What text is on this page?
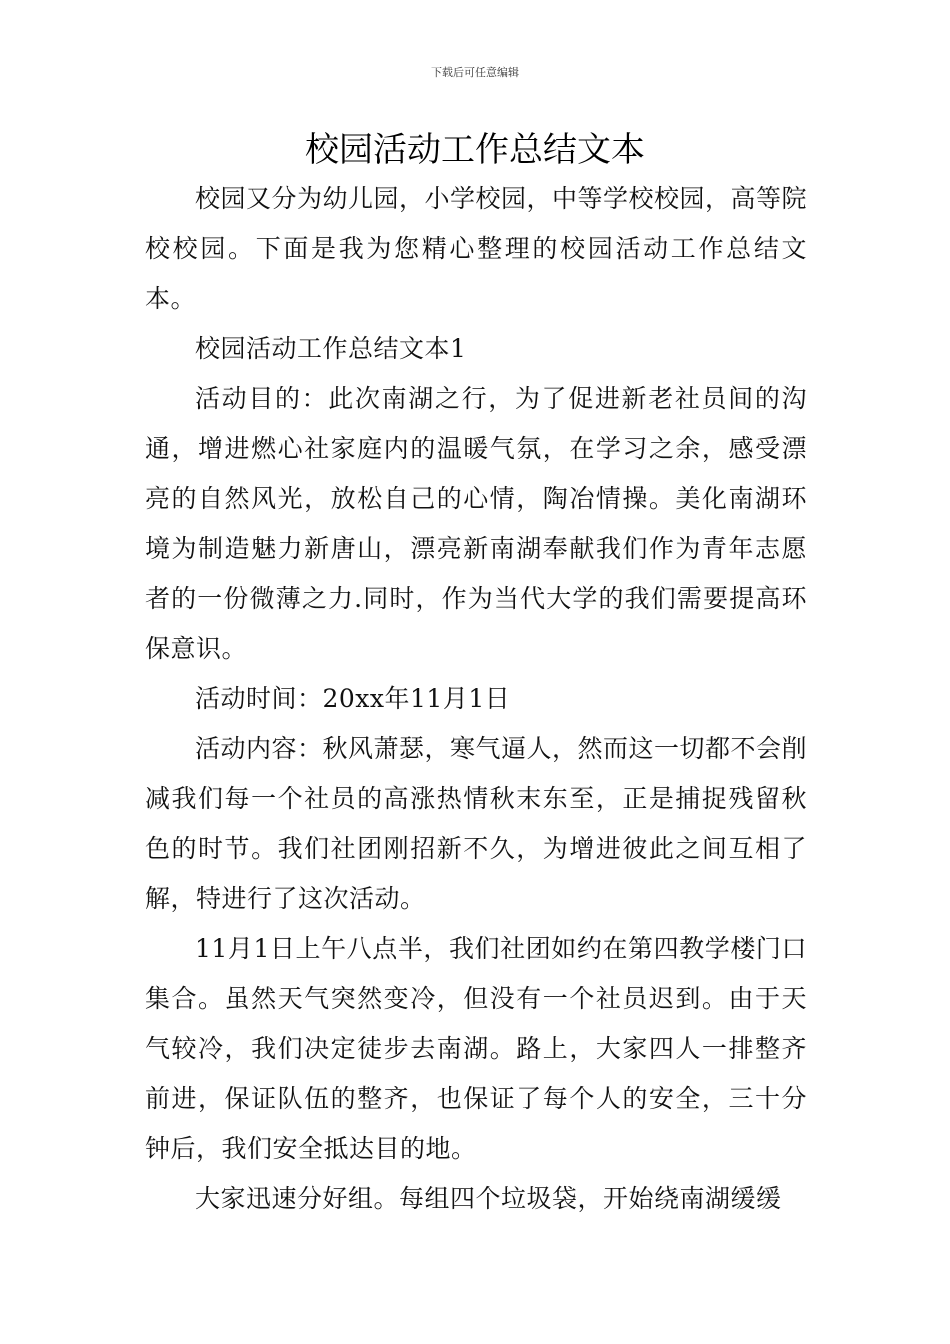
下载后可任意编辑
校园活动工作总结文本

校园又分为幼儿园，小学校园，中等学校校园，高等院校校园。下面是我为您精心整理的校园活动工作总结文本。

校园活动工作总结文本1

活动目的：此次南湖之行，为了促进新老社员间的沟通，增进燃心社家庭内的温暖气氛，在学习之余，感受漂亮的自然风光，放松自己的心情，陶冶情操。美化南湖环境为制造魅力新唐山，漂亮新南湖奉献我们作为青年志愿者的一份微薄之力.同时，作为当代大学的我们需要提高环保意识。

活动时间：20xx年11月1日

活动内容：秋风萧瑟，寒气逼人，然而这一切都不会削减我们每一个社员的高涨热情秋末东至，正是捕捉残留秋色的时节。我们社团刚招新不久，为增进彼此之间互相了解，特进行了这次活动。

11月1日上午八点半，我们社团如约在第四教学楼门口集合。虽然天气突然变冷，但没有一个社员迟到。由于天气较冷，我们决定徒步去南湖。路上，大家四人一排整齐前进，保证队伍的整齐，也保证了每个人的安全，三十分钟后，我们安全抵达目的地。

大家迅速分好组。每组四个垃圾袋，开始绕南湖缓缓
